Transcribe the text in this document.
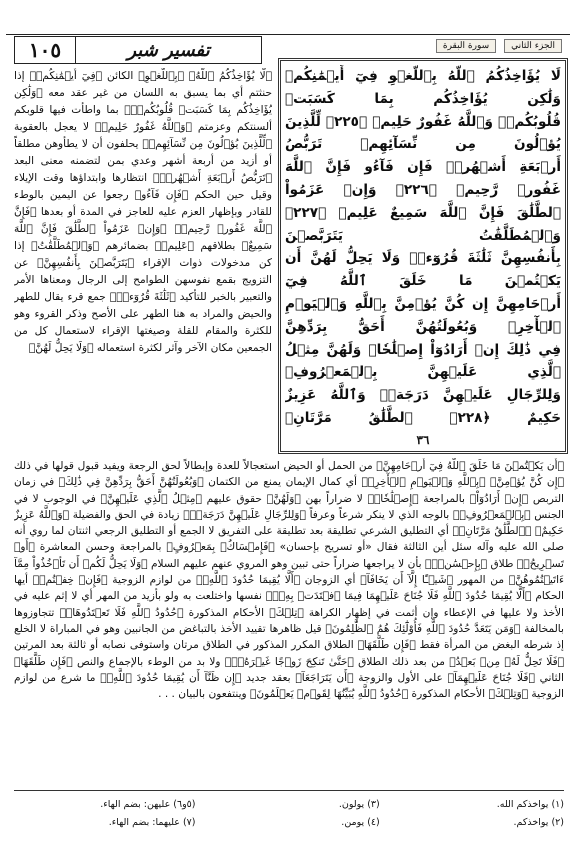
تفسير شبر
١٠٥	سورة البقرة	الجزء الثاني
لَا يُؤَاخِذُكُمُ ٱللَّهُ بِٱللَّغۡوِ فِيٓ أَيۡمَٰنِكُمۡ وَلَٰكِن يُؤَاخِذُكُم بِمَا كَسَبَتۡ
قُلُوبُكُمۡۗ وَٱللَّهُ غَفُورٌ حَلِيمٞ ﴿٢٢٥﴾ لِّلَّذِينَ يُؤۡلُونَ مِن نِّسَآئِهِمۡ تَرَبُّصُ
أَرۡبَعَةِ أَشۡهُرٖۖ فَإِن فَآءُو فَإِنَّ ٱللَّهَ غَفُورٞ رَّحِيمٞ ﴿٢٢٦﴾ وَإِنۡ عَزَمُواْ
ٱلطَّلَٰقَ فَإِنَّ ٱللَّهَ سَمِيعٌ عَلِيمٞ ﴿٢٢٧﴾ وَٱلۡمُطَلَّقَٰتُ يَتَرَبَّصۡنَ
بِأَنفُسِهِنَّ ثَلَٰثَةَ قُرُوٓءٖۚ وَلَا يَحِلُّ لَهُنَّ أَن يَكۡتُمۡنَ مَا خَلَقَ ٱللَّهُ فِيٓ
أَرۡحَامِهِنَّ إِن كُنَّ يُؤۡمِنَّ بِٱللَّهِ وَٱلۡيَوۡمِ ٱلۡأٓخِرِۚ وَبُعُولَتُهُنَّ أَحَقُّ بِرَدِّهِنَّ
فِي ذَٰلِكَ إِنۡ أَرَادُوٓاْ إِصۡلَٰحٗاۚ وَلَهُنَّ مِثۡلُ ٱلَّذِي عَلَيۡهِنَّ بِٱلۡمَعۡرُوفِۚ
وَلِلرِّجَالِ عَلَيۡهِنَّ دَرَجَةٞۗ وَٱللَّهُ عَزِيزٌ حَكِيمٌ ﴿٢٢٨﴾ ٱلطَّلَٰقُ مَرَّتَانِۖ
٣٦
﴿لَّا يُؤَاخِذُكُمُ ٱللَّهُ﴾ ﴿بِٱللَّغۡوِ﴾ الكائن ﴿فِيٓ أَيۡمَٰنِكُمۡ﴾ إذا حنثتم أي بما يسبق به اللسان من غير عقد معه ﴿وَلَٰكِن يُؤَاخِذُكُم بِمَا كَسَبَتۡ قُلُوبُكُمۡۗ﴾ بما واطأت فيها قلوبكم ألسنتكم وعزمتم ﴿وَٱللَّهُ غَفُورٌ حَلِيمٞ﴾ لا يعجل بالعقوبة ﴿لِّلَّذِينَ يُؤۡلُونَ مِن نِّسَآئِهِمۡ﴾ يحلفون أن لا يطأوهن مطلقاً أو أزيد من أربعة أشهر وعدي بمن لتضمنه معنى البعد ﴿تَرَبُّصُ أَرۡبَعَةِ أَشۡهُرٖۖ﴾ انتظارها وابتداؤها وقت الإيلاء وقيل حين الحكم ﴿فَإِن فَآءُو﴾ رجعوا عن اليمين بالوطء للقادر وبإظهار العزم عليه للعاجز في المدة أو بعدها ﴿فَإِنَّ ٱللَّهَ غَفُورٞ رَّحِيمٞ﴾ ﴿وَإِنۡ عَزَمُواْ ٱلطَّلَٰقَ فَإِنَّ ٱللَّهَ سَمِيعٌ﴾ بطلاقهم ﴿عَلِيمٞ﴾ بضمائرهم ﴿وَٱلۡمُطَلَّقَٰتُ﴾ إذا كن مدخولات ذوات الإقراء ﴿يَتَرَبَّصۡنَ بِأَنفُسِهِنَّ﴾ عن التزويج بقمع نفوسهن الطوامح إلى الرجال ومعناها الأمر والتعبير بالخبر للتأكيد ﴿ثَلَٰثَةَ قُرُوٓءٖۚ﴾ جمع قرء يقال للطهر والحيض والمراد به هنا الطهر على الأصح وذكر القروء وهو للكثرة والمقام للقلة وصيغتها الإقراء لاستعمال كل من الجمعين مكان الآخر وآثر لكثرة استعماله ﴿وَلَا يَحِلُّ لَهُنَّ﴾
﴿أَن يَكۡتُمۡنَ مَا خَلَقَ ٱللَّهُ فِيٓ أَرۡحَامِهِنَّ﴾ من الحمل أو الحيض استعجالاً للعدة وإبطالاً لحق الرجعة ويفيد قبول قولها في ذلك ﴿إِن كُنَّ يُؤۡمِنَّ﴾ ﴿بِٱللَّهِ وَٱلۡيَوۡمِ ٱلۡأٓخِرِۚ﴾ أي كمال الإيمان يمنع من الكتمان ﴿وَبُعُولَتُهُنَّ أَحَقُّ بِرَدِّهِنَّ فِي ذَٰلِكَ﴾ في زمان التربص ﴿إِنۡ أَرَادُوٓاْ﴾ بالمراجعة ﴿إِصۡلَٰحٗاۚ﴾ لا ضراراً بهن ﴿وَلَهُنَّ﴾ حقوق عليهم ﴿مِثۡلُ ٱلَّذِي عَلَيۡهِنَّ﴾ في الوجوب لا في الجنس ﴿بِٱلۡمَعۡرُوفِۚ﴾ بالوجه الذي لا ينكر شرعاً وعرفاً ﴿وَلِلرِّجَالِ عَلَيۡهِنَّ دَرَجَةٞۗ﴾ زيادة في الحق والفضيلة ﴿وَٱللَّهُ عَزِيزٌ حَكِيمٌ﴾ ﴿ٱلطَّلَٰقُ مَرَّتَانِۖ﴾ أي التطليق الشرعي تطليقة بعد تطليقة على التفريق لا الجمع أو التطليق الرجعي اثنتان لما روي أنه صلى الله عليه وآله سئل أين الثالثة فقال «أو تسريح بإحسان» ﴿فَإِمۡسَاكُۢ بِمَعۡرُوفٍ﴾ بالمراجعة وحسن المعاشرة ﴿أَوۡ تَسۡرِيحُۢ﴾ طلاق ﴿بِإِحۡسَٰنٖۗ﴾ بأن لا يراجعها ضراراً حتى تبين وهو المروي عنهم عليهم السلام ﴿وَلَا يَحِلُّ لَكُمۡ أَن تَأۡخُذُواْ مِمَّآ ءَاتَيۡتُمُوهُنَّ﴾ من المهور ﴿شَيۡـًٔا إِلَّآ أَن يَخَافَآ﴾ أي الزوجان ﴿أَلَّا يُقِيمَا حُدُودَ ٱللَّهِۖ﴾ من لوازم الزوجية ﴿فَإِنۡ خِفۡتُمۡ﴾ أيها الحكام ﴿أَلَّا يُقِيمَا حُدُودَ ٱللَّهِ فَلَا جُنَاحَ عَلَيۡهِمَا فِيمَا ٱفۡتَدَتۡ بِهِۦۗ﴾ نفسها واختلعت به ولو بأزيد من المهر أي لا إثم عليه في الأخذ ولا عليها في الإعطاء وإن أثمت في إظهار الكراهة ﴿تِلۡكَ﴾ الأحكام المذكورة ﴿حُدُودُ ٱللَّهِ فَلَا تَعۡتَدُوهَاۚ﴾ تتجاوزوها بالمخالفة ﴿وَمَن يَتَعَدَّ حُدُودَ ٱللَّهِ فَأُوْلَٰٓئِكَ هُمُ ٱلظَّٰلِمُونَ﴾ قيل ظاهرها تقييد الأخذ بالتباغض من الجانبين وهو في المباراة لا الخلع إذ شرطه البغض من المرأة فقط ﴿فَإِن طَلَّقَهَا﴾ الطلاق المكرر المذكور في الطلاق مرتان واستوفى نصابه أو ثالثة بعد المرتين ﴿فَلَا تَحِلُّ لَهُۥ مِنۢ بَعۡدُ﴾ من بعد ذلك الطلاق ﴿حَتَّىٰ تَنكِحَ زَوۡجًا غَيۡرَهُۥۗ﴾ ولا بد من الوطء بالإجماع والنص ﴿فَإِن طَلَّقَهَا﴾ الثاني ﴿فَلَا جُنَاحَ عَلَيۡهِمَآ﴾ على الأول والزوجة ﴿أَن يَتَرَاجَعَآ﴾ بعقد جديد ﴿إِن ظَنَّآ أَن يُقِيمَا حُدُودَ ٱللَّهِۗ﴾ ما شرع من لوازم الزوجية ﴿وَتِلۡكَ﴾ الأحكام المذكورة ﴿حُدُودُ ٱللَّهِ يُبَيِّنُهَا لِقَوۡمٖ يَعۡلَمُونَ﴾ وينتفعون بالبيان . . .
(١) يواخذكم الله.
(٣) يولون.
(٥و٦) عليهن: بضم الهاء.
(٢) يواخذكم.
(٤) يومن.
(٧) عليهما: بضم الهاء.
